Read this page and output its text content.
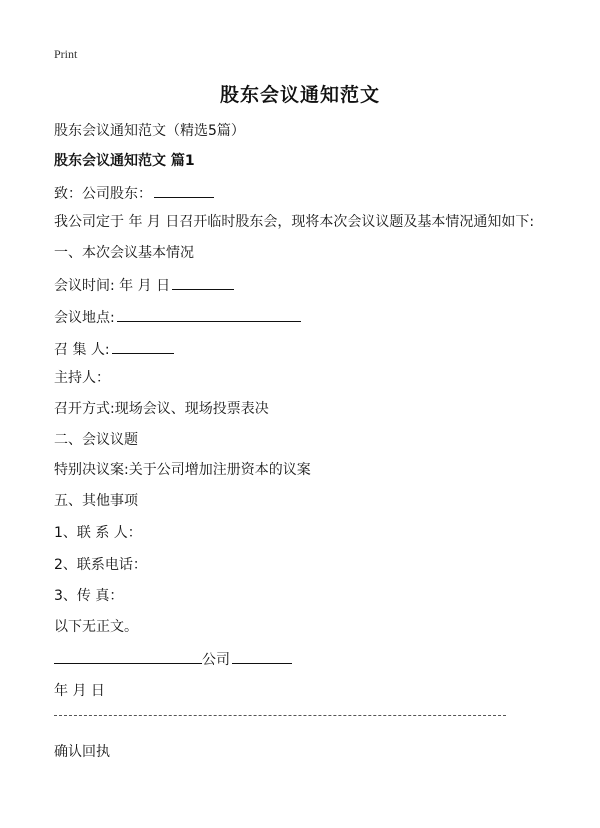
Print
股东会议通知范文
股东会议通知范文（精选5篇）
股东会议通知范文 篇1
致：公司股东：
我公司定于 年 月 日召开临时股东会，现将本次会议议题及基本情况通知如下:
一、本次会议基本情况
会议时间: 年 月 日
会议地点:
召 集 人:
主持人：
召开方式:现场会议、现场投票表决
二、会议议题
特别决议案:关于公司增加注册资本的议案
五、其他事项
1、联 系 人：
2、联系电话：
3、传 真：
以下无正文。
公司
年 月 日
确认回执
